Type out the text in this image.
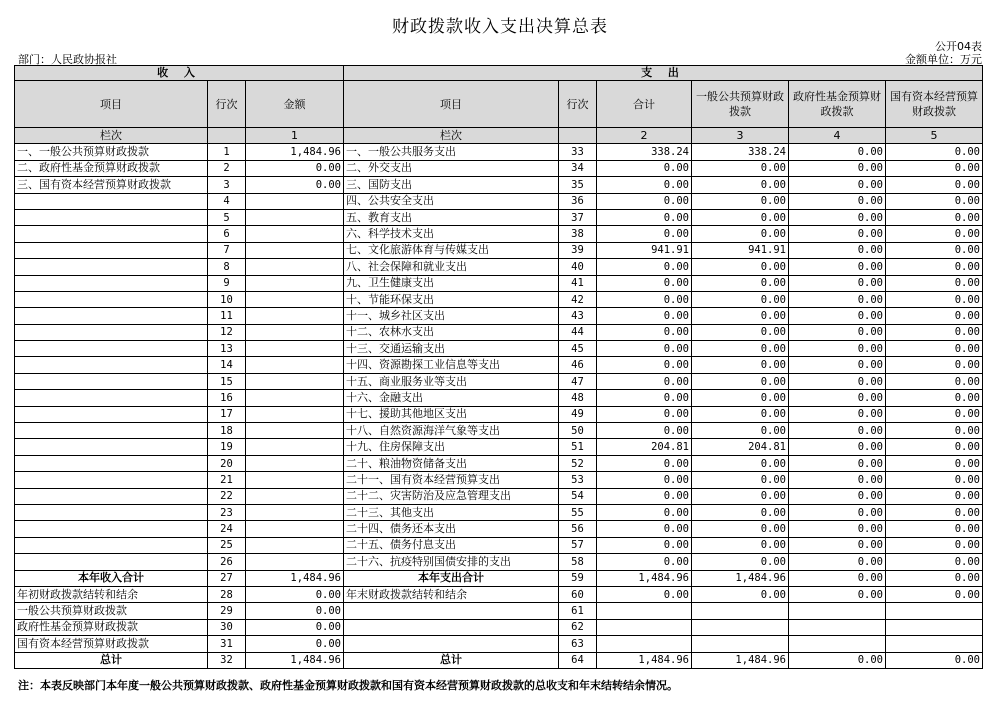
财政拨款收入支出决算总表
公开04表
部门：人民政协报社	金额单位：万元
收 入			支 出					
项目	行次	金额	项目	行次	合计	一般公共预算财政拨款	政府性基金预算财政拨款	国有资本经营预算财政拨款
栏次		1	栏次		2	3	4	5
一、一般公共预算财政拨款	1	1,484.96	一、一般公共服务支出	33	338.24	338.24	0.00	0.00
二、政府性基金预算财政拨款	2	0.00	二、外交支出	34	0.00	0.00	0.00	0.00
三、国有资本经营预算财政拨款	3	0.00	三、国防支出	35	0.00	0.00	0.00	0.00
	4		四、公共安全支出	36	0.00	0.00	0.00	0.00
	5		五、教育支出	37	0.00	0.00	0.00	0.00
	6		六、科学技术支出	38	0.00	0.00	0.00	0.00
	7		七、文化旅游体育与传媒支出	39	941.91	941.91	0.00	0.00
	8		八、社会保障和就业支出	40	0.00	0.00	0.00	0.00
	9		九、卫生健康支出	41	0.00	0.00	0.00	0.00
	10		十、节能环保支出	42	0.00	0.00	0.00	0.00
	11		十一、城乡社区支出	43	0.00	0.00	0.00	0.00
	12		十二、农林水支出	44	0.00	0.00	0.00	0.00
	13		十三、交通运输支出	45	0.00	0.00	0.00	0.00
	14		十四、资源勘探工业信息等支出	46	0.00	0.00	0.00	0.00
	15		十五、商业服务业等支出	47	0.00	0.00	0.00	0.00
	16		十六、金融支出	48	0.00	0.00	0.00	0.00
	17		十七、援助其他地区支出	49	0.00	0.00	0.00	0.00
	18		十八、自然资源海洋气象等支出	50	0.00	0.00	0.00	0.00
	19		十九、住房保障支出	51	204.81	204.81	0.00	0.00
	20		二十、粮油物资储备支出	52	0.00	0.00	0.00	0.00
	21		二十一、国有资本经营预算支出	53	0.00	0.00	0.00	0.00
	22		二十二、灾害防治及应急管理支出	54	0.00	0.00	0.00	0.00
	23		二十三、其他支出	55	0.00	0.00	0.00	0.00
	24		二十四、债务还本支出	56	0.00	0.00	0.00	0.00
	25		二十五、债务付息支出	57	0.00	0.00	0.00	0.00
	26		二十六、抗疫特别国债安排的支出	58	0.00	0.00	0.00	0.00
本年收入合计	27	1,484.96	本年支出合计	59	1,484.96	1,484.96	0.00	0.00
年初财政拨款结转和结余	28	0.00	年末财政拨款结转和结余	60	0.00	0.00	0.00	0.00
一般公共预算财政拨款	29	0.00		61				
政府性基金预算财政拨款	30	0.00		62				
国有资本经营预算财政拨款	31	0.00		63				
总计	32	1,484.96	总计	64	1,484.96	1,484.96	0.00	0.00
注：本表反映部门本年度一般公共预算财政拨款、政府性基金预算财政拨款和国有资本经营预算财政拨款的总收支和年末结转结余情况。
